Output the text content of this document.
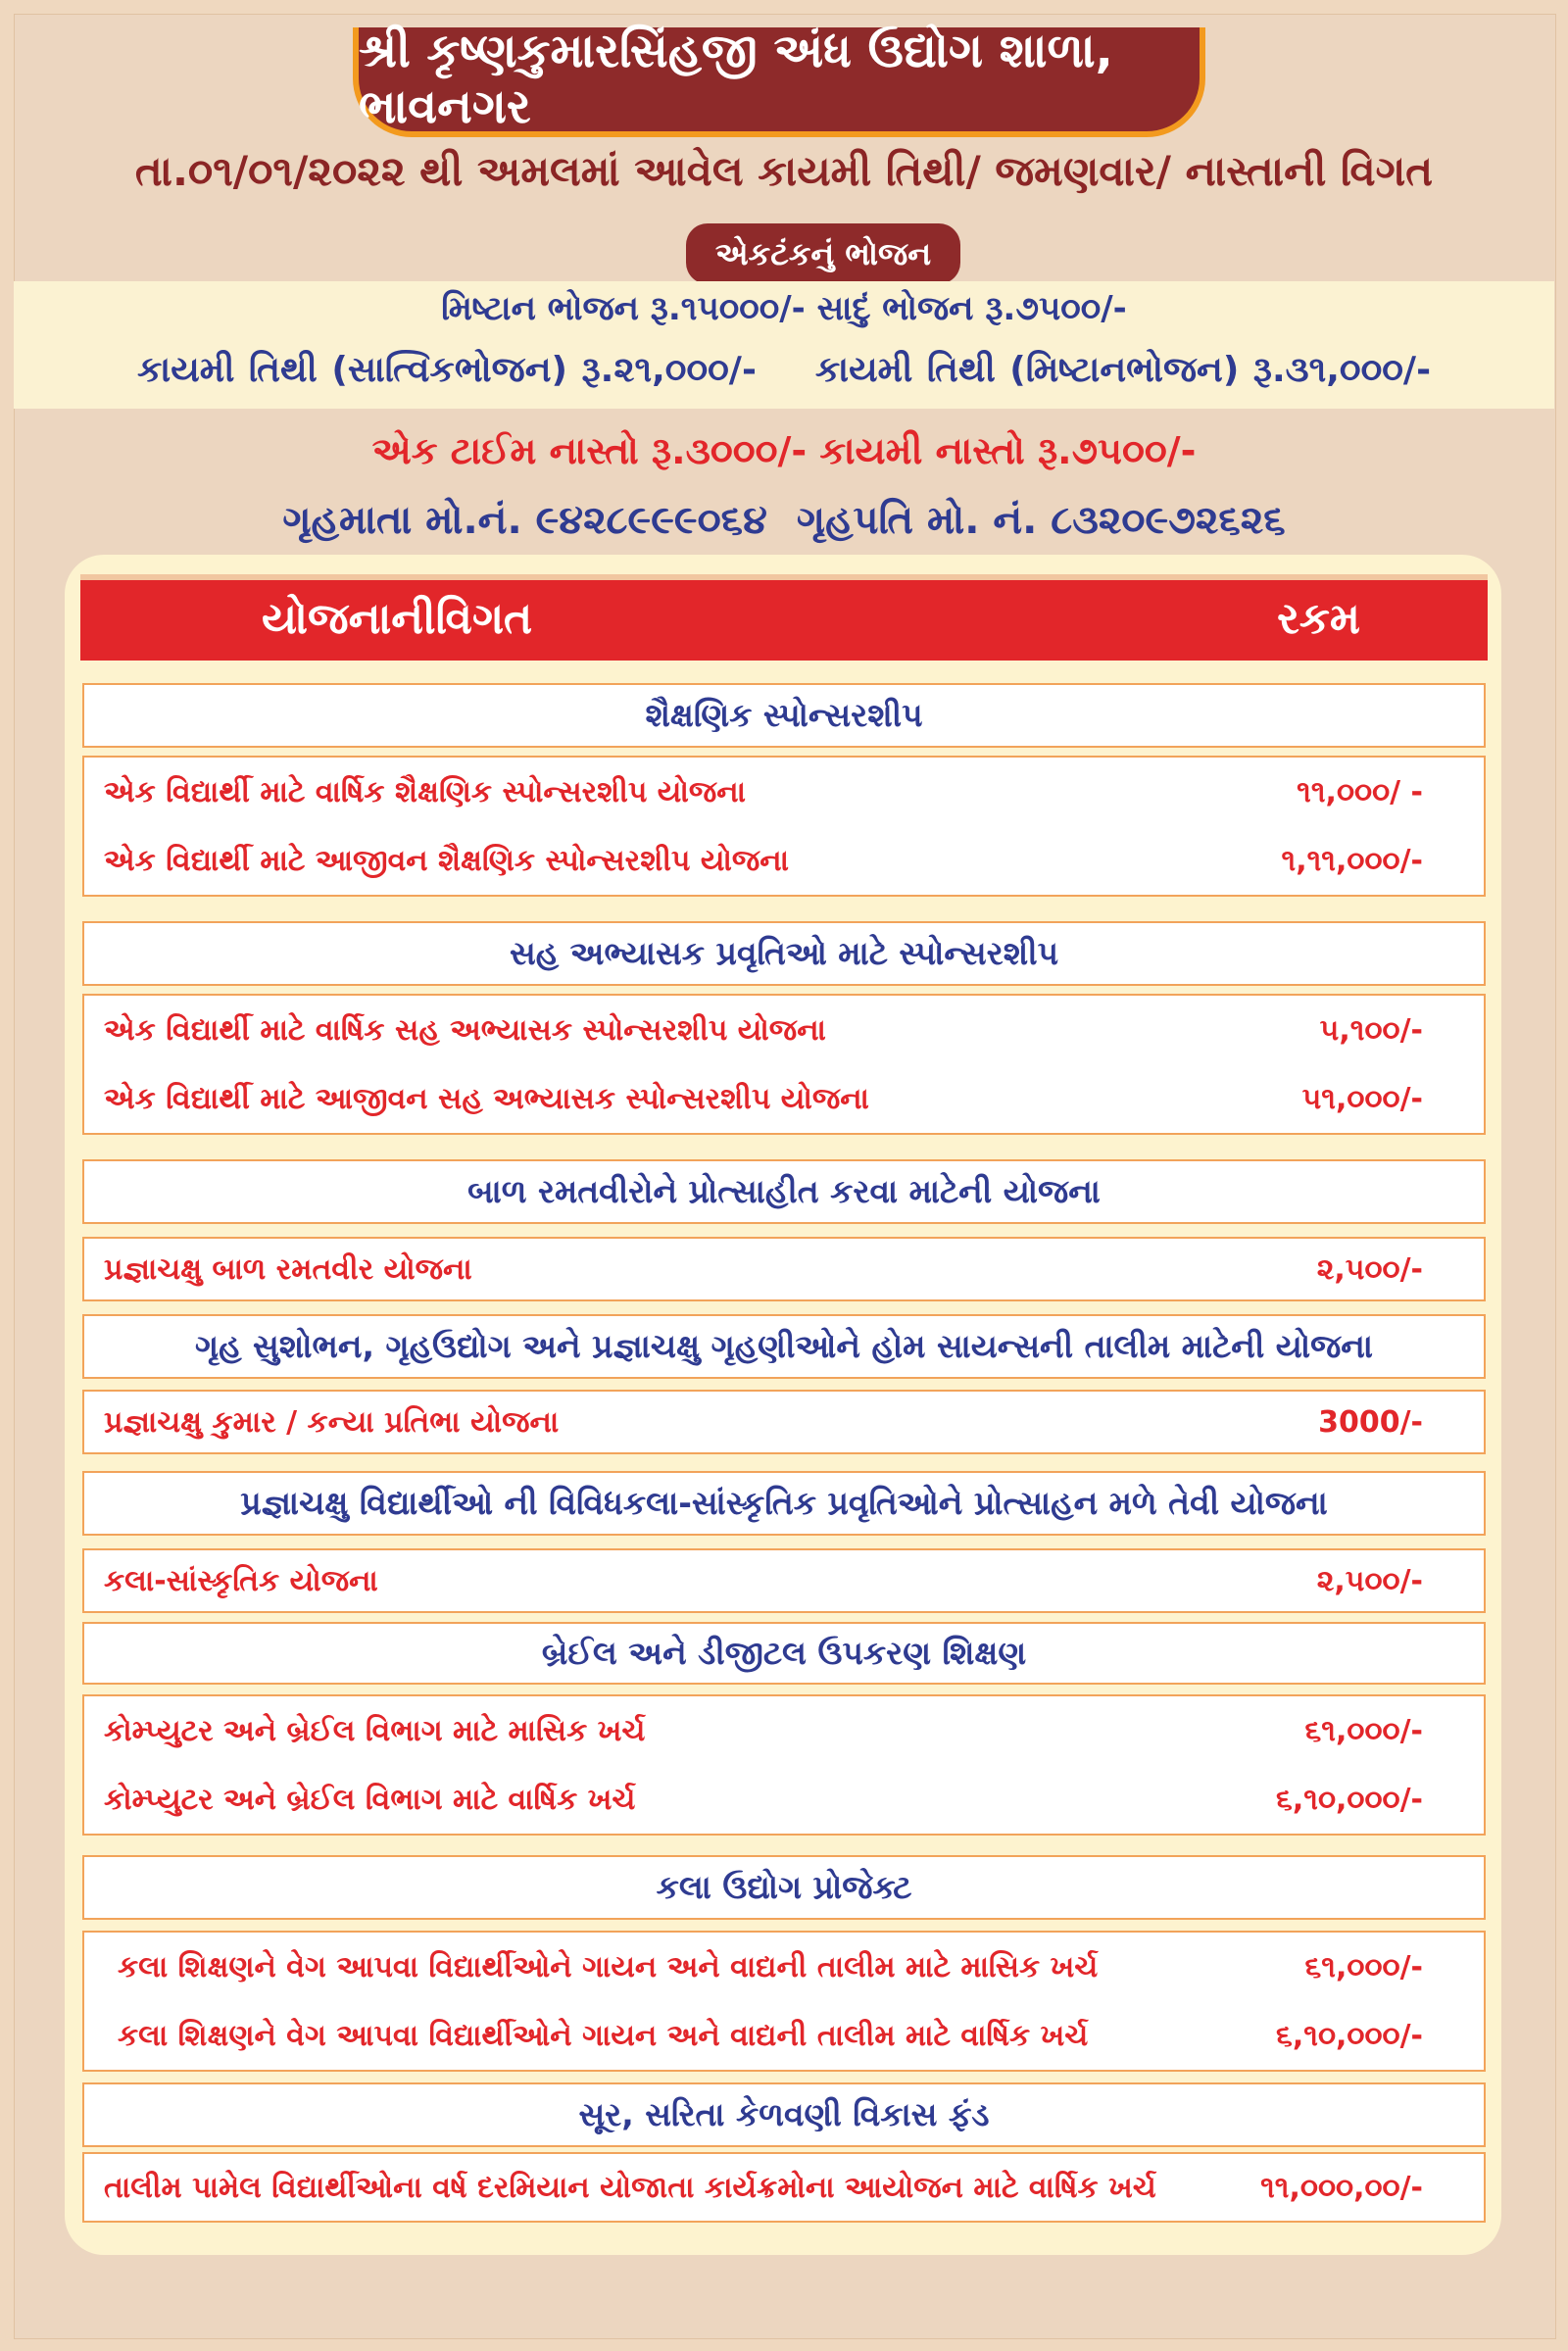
શ્રી કૃષ્ણકુમારસિંહજી અંધ ઉદ્યોગ શાળા, ભાવનગર
તા.૦૧/૦૧/૨૦૨૨ થી અમલમાં આવેલ કાયમી તિથી/ જમણવાર/ નાસ્તાની વિગત
એકટંકનું ભોજન
મિષ્ટાન ભોજન રૂ.૧૫૦૦૦/- સાદું ભોજન રૂ.૭૫૦૦/-
કાયમી તિથી (સાત્વિકભોજન) રૂ.૨૧,૦૦૦/- કાયમી તિથી (મિષ્ટાનભોજન) રૂ.૩૧,૦૦૦/-
એક ટાઈમ નાસ્તો રૂ.૩૦૦૦/- કાયમી નાસ્તો રૂ.૭૫૦૦/-
ગૃહમાતા મો.નં. ૯૪૨૮૯૯૯૦૬૪ ગૃહપતિ મો. નં. ૮૩૨૦૯૭૨૬૨૬
યોજનાનીવિગત	રકમ
શૈક્ષણિક સ્પોન્સરશીપ
એક વિદ્યાર્થી માટે વાર્ષિક શૈક્ષણિક સ્પોન્સરશીપ યોજના	૧૧,૦૦૦/ -
એક વિદ્યાર્થી માટે આજીવન શૈક્ષણિક સ્પોન્સરશીપ યોજના	૧,૧૧,૦૦૦/-
સહ અભ્યાસક પ્રવૃતિઓ માટે સ્પોન્સરશીપ
એક વિદ્યાર્થી માટે વાર્ષિક સહ અભ્યાસક સ્પોન્સરશીપ યોજના	૫,૧૦૦/-
એક વિદ્યાર્થી માટે આજીવન સહ અભ્યાસક સ્પોન્સરશીપ યોજના	૫૧,૦૦૦/-
બાળ રમતવીરોને પ્રોત્સાહીત કરવા માટેની યોજના
પ્રજ્ઞાચક્ષુ બાળ રમતવીર યોજના	૨,૫૦૦/-
ગૃહ સુશોભન, ગૃહઉદ્યોગ અને પ્રજ્ઞાચક્ષુ ગૃહણીઓને હોમ સાયન્સની તાલીમ માટેની યોજના
પ્રજ્ઞાચક્ષુ કુમાર / કન્યા પ્રતિભા યોજના	3000/-
પ્રજ્ઞાચક્ષુ વિદ્યાર્થીઓ ની વિવિધકલા-સાંસ્કૃતિક પ્રવૃતિઓને પ્રોત્સાહન મળે તેવી યોજના
કલા-સાંસ્કૃતિક યોજના	૨,૫૦૦/-
બ્રેઈલ અને ડીજીટલ ઉપકરણ શિક્ષણ
કોમ્પ્યુટર અને બ્રેઈલ વિભાગ માટે માસિક ખર્ચ	૬૧,૦૦૦/-
કોમ્પ્યુટર અને બ્રેઈલ વિભાગ માટે વાર્ષિક ખર્ચ	૬,૧૦,૦૦૦/-
કલા ઉદ્યોગ પ્રોજેક્ટ
કલા શિક્ષણને વેગ આપવા વિદ્યાર્થીઓને ગાયન અને વાદ્યની તાલીમ માટે માસિક ખર્ચ	૬૧,૦૦૦/-
કલા શિક્ષણને વેગ આપવા વિદ્યાર્થીઓને ગાયન અને વાદ્યની તાલીમ માટે વાર્ષિક ખર્ચ	૬,૧૦,૦૦૦/-
સૂર, સરિતા કેળવણી વિકાસ ફંડ
તાલીમ પામેલ વિદ્યાર્થીઓના વર્ષ દરમિયાન યોજાતા કાર્યક્રમોના આયોજન માટે વાર્ષિક ખર્ચ	૧૧,૦૦૦,૦૦/-
